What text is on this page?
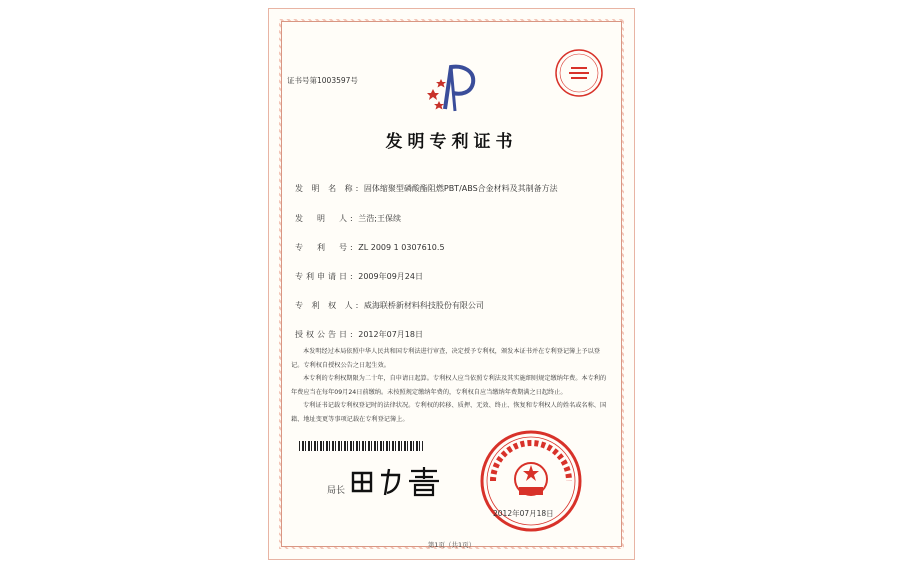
证书号第1003597号
发明专利证书
发 明 名 称: 固体缩聚型磷酸酯阻燃PBT/ABS合金材料及其制备方法
发　明　人: 兰浩;王保续
专　利　号: ZL 2009 1 0307610.5
专利申请日: 2009年09月24日
专 利 权 人: 威海联桥新材料科技股份有限公司
授权公告日: 2012年07月18日
本发明经过本局依照中华人民共和国专利法进行审查，决定授予专利权，颁发本证书并在专利登记簿上予以登记。专利权自授权公告之日起生效。
本专利的专利权期限为二十年，自申请日起算。专利权人应当依照专利法及其实施细则规定缴纳年费。本专利的年费应当在每年09月24日前缴纳。未按照规定缴纳年费的，专利权自应当缴纳年费期满之日起终止。
专利证书记载专利权登记时的法律状况。专利权的转移、质押、无效、终止、恢复和专利权人的姓名或名称、国籍、地址变更等事项记载在专利登记簿上。
局长
2012年07月18日
第1页（共1页）
